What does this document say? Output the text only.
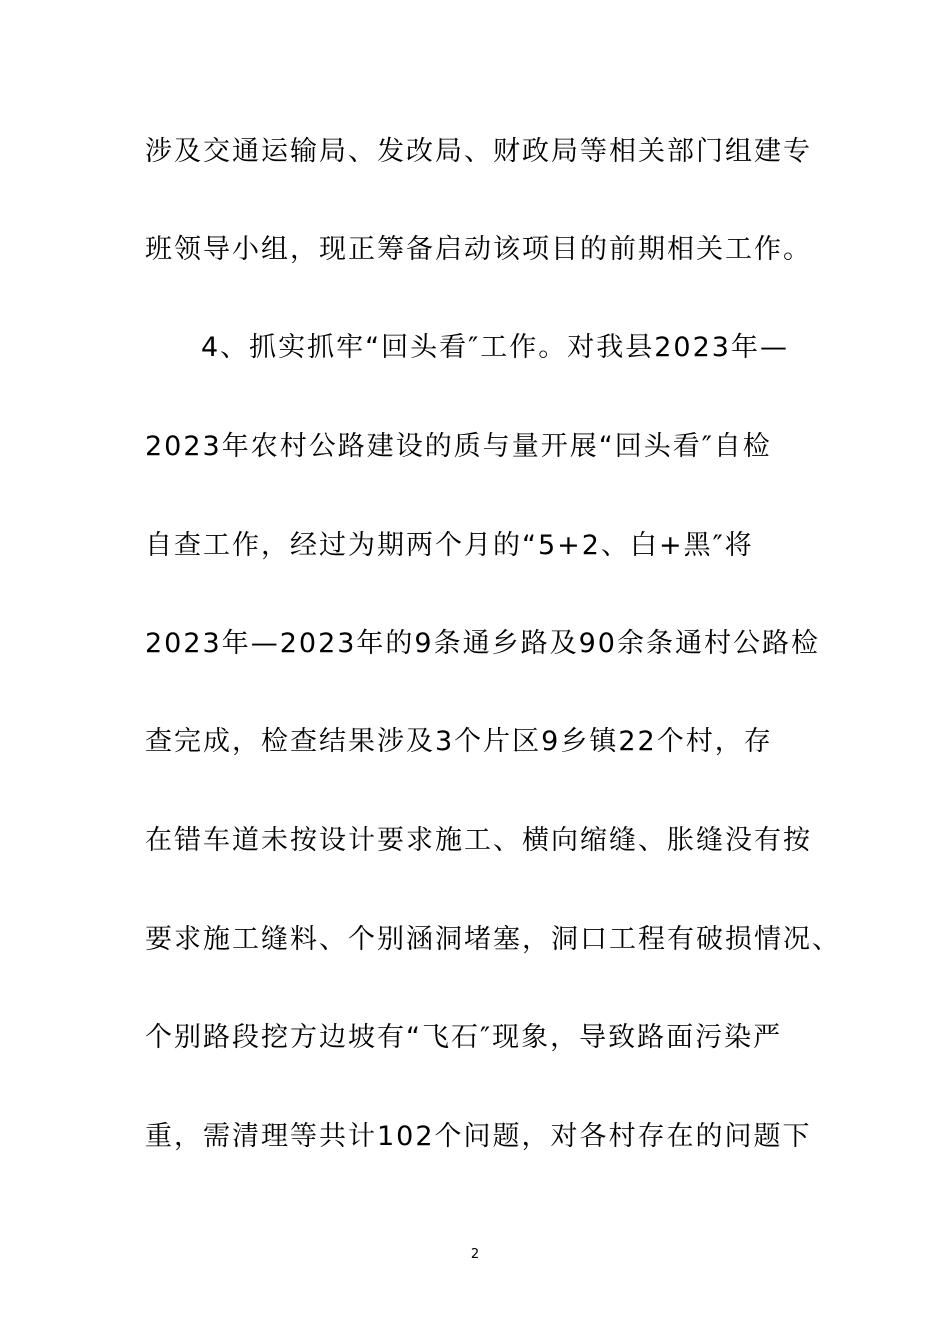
涉及交通运输局、发改局、财政局等相关部门组建专
班领导小组，现正筹备启动该项目的前期相关工作。
4、抓实抓牢“回头看″工作。对我县2023年—
2023年农村公路建设的质与量开展“回头看″自检
自查工作，经过为期两个月的“5+2、白+黑″将
2023年—2023年的9条通乡路及90余条通村公路检
查完成，检查结果涉及3个片区9乡镇22个村，存
在错车道未按设计要求施工、横向缩缝、胀缝没有按
要求施工缝料、个别涵洞堵塞，洞口工程有破损情况、
个别路段挖方边坡有“飞石″现象，导致路面污染严
重，需清理等共计102个问题，对各村存在的问题下
2
